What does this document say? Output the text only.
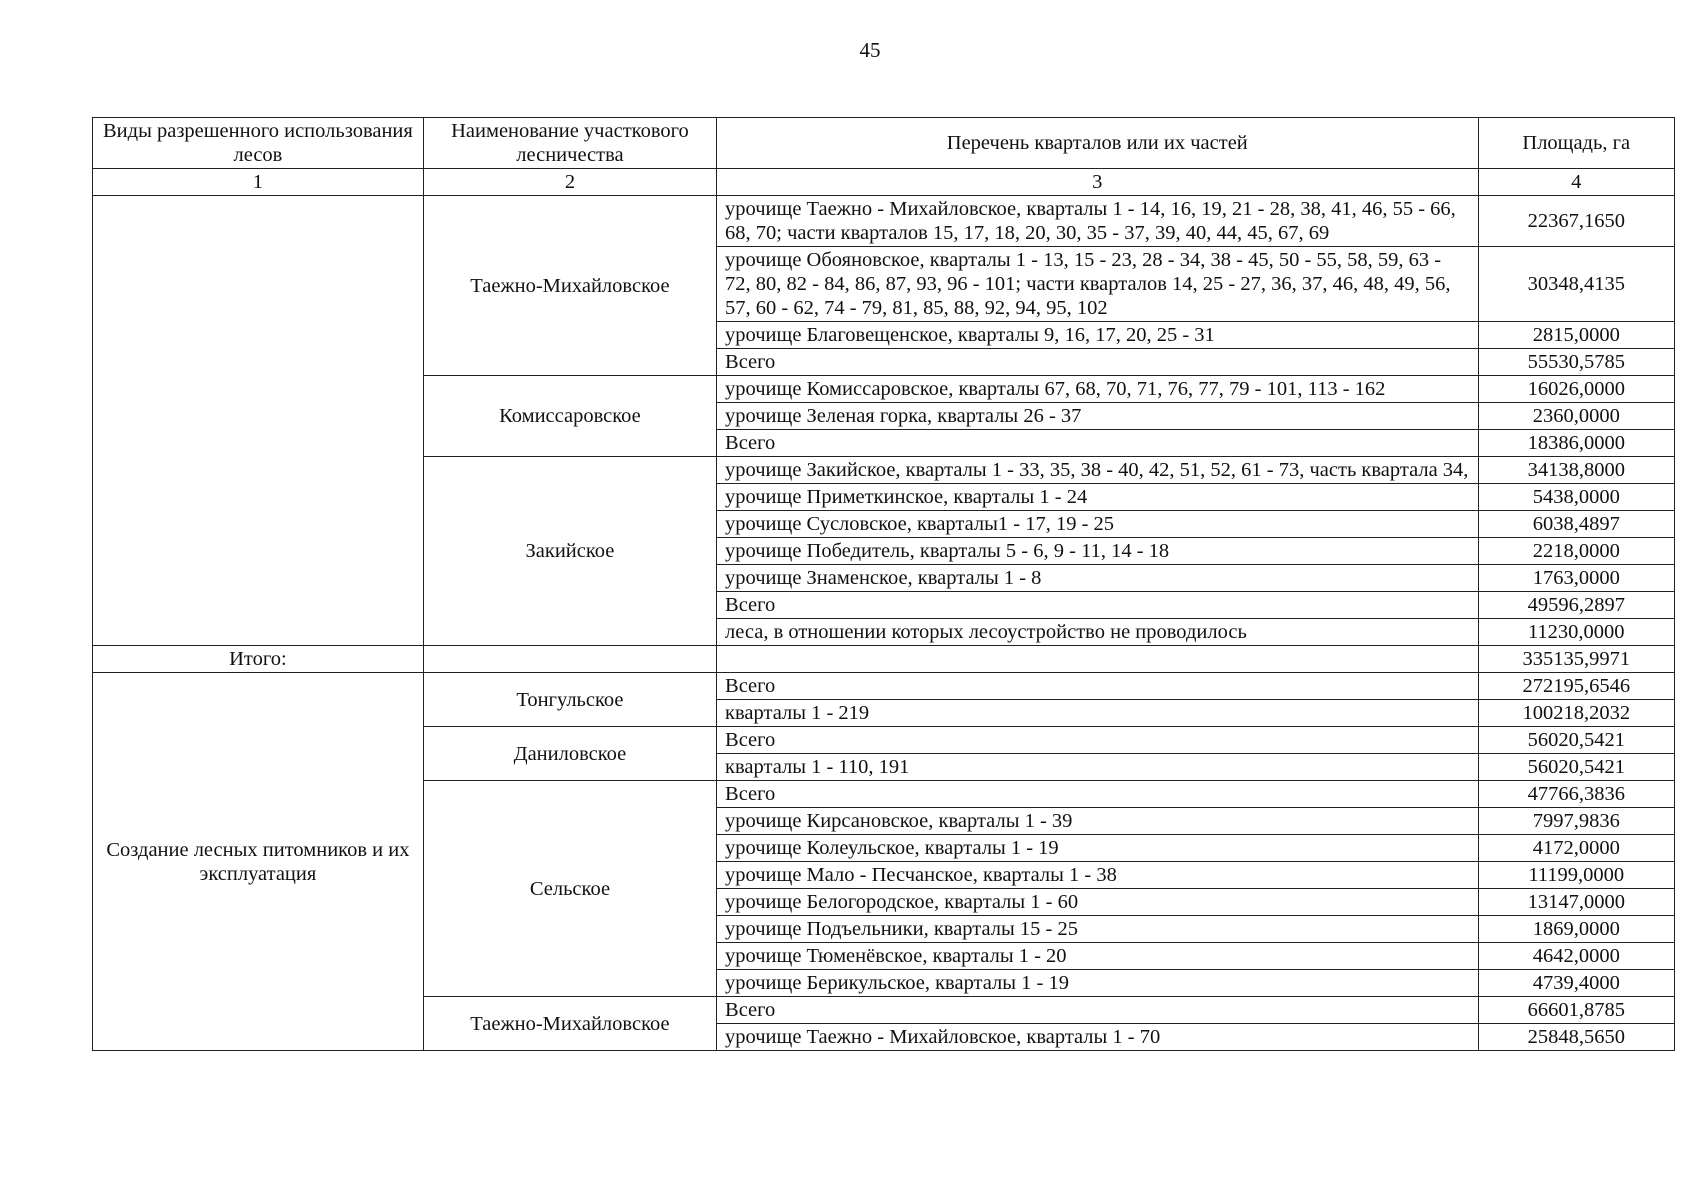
45
Виды разрешенного использования лесов	Наименование участкового лесничества	Перечень кварталов или их частей	Площадь, га
1	2	3	4
	Таежно-Михайловское	урочище Таежно - Михайловское, кварталы 1 - 14, 16, 19, 21 - 28, 38, 41, 46, 55 - 66, 68, 70; части кварталов 15, 17, 18, 20, 30, 35 - 37, 39, 40, 44, 45, 67, 69	22367,1650
		урочище Обояновское, кварталы 1 - 13, 15 - 23, 28 - 34, 38 - 45, 50 - 55, 58, 59, 63 - 72, 80, 82 - 84, 86, 87, 93, 96 - 101; части кварталов 14, 25 - 27, 36, 37, 46, 48, 49, 56, 57, 60 - 62, 74 - 79, 81, 85, 88, 92, 94, 95, 102	30348,4135
		урочище Благовещенское, кварталы 9, 16, 17, 20, 25 - 31	2815,0000
		Всего	55530,5785
	Комиссаровское	урочище Комиссаровское, кварталы 67, 68, 70, 71, 76, 77, 79 - 101, 113 - 162	16026,0000
		урочище Зеленая горка, кварталы 26 - 37	2360,0000
		Всего	18386,0000
	Закийское	урочище Закийское, кварталы 1 - 33, 35, 38 - 40, 42, 51, 52, 61 - 73, часть квартала 34,	34138,8000
		урочище Приметкинское, кварталы 1 - 24	5438,0000
		урочище Сусловское, кварталы1 - 17, 19 - 25	6038,4897
		урочище Победитель, кварталы 5 - 6, 9 - 11, 14 - 18	2218,0000
		урочище Знаменское, кварталы 1 - 8	1763,0000
		Всего	49596,2897
		леса, в отношении которых лесоустройство не проводилось	11230,0000
Итого:			335135,9971
Создание лесных питомников и их эксплуатация	Тонгульское	Всего	272195,6546
		кварталы 1 - 219	100218,2032
	Даниловское	Всего	56020,5421
		кварталы 1 - 110, 191	56020,5421
	Сельское	Всего	47766,3836
		урочище Кирсановское, кварталы 1 - 39	7997,9836
		урочище Колеульское, кварталы 1 - 19	4172,0000
		урочище Мало - Песчанское, кварталы 1 - 38	11199,0000
		урочище Белогородское, кварталы 1 - 60	13147,0000
		урочище Подъельники, кварталы 15 - 25	1869,0000
		урочище Тюменёвское, кварталы 1 - 20	4642,0000
		урочище Берикульское, кварталы 1 - 19	4739,4000
	Таежно-Михайловское	Всего	66601,8785
		урочище Таежно - Михайловское, кварталы 1 - 70	25848,5650
